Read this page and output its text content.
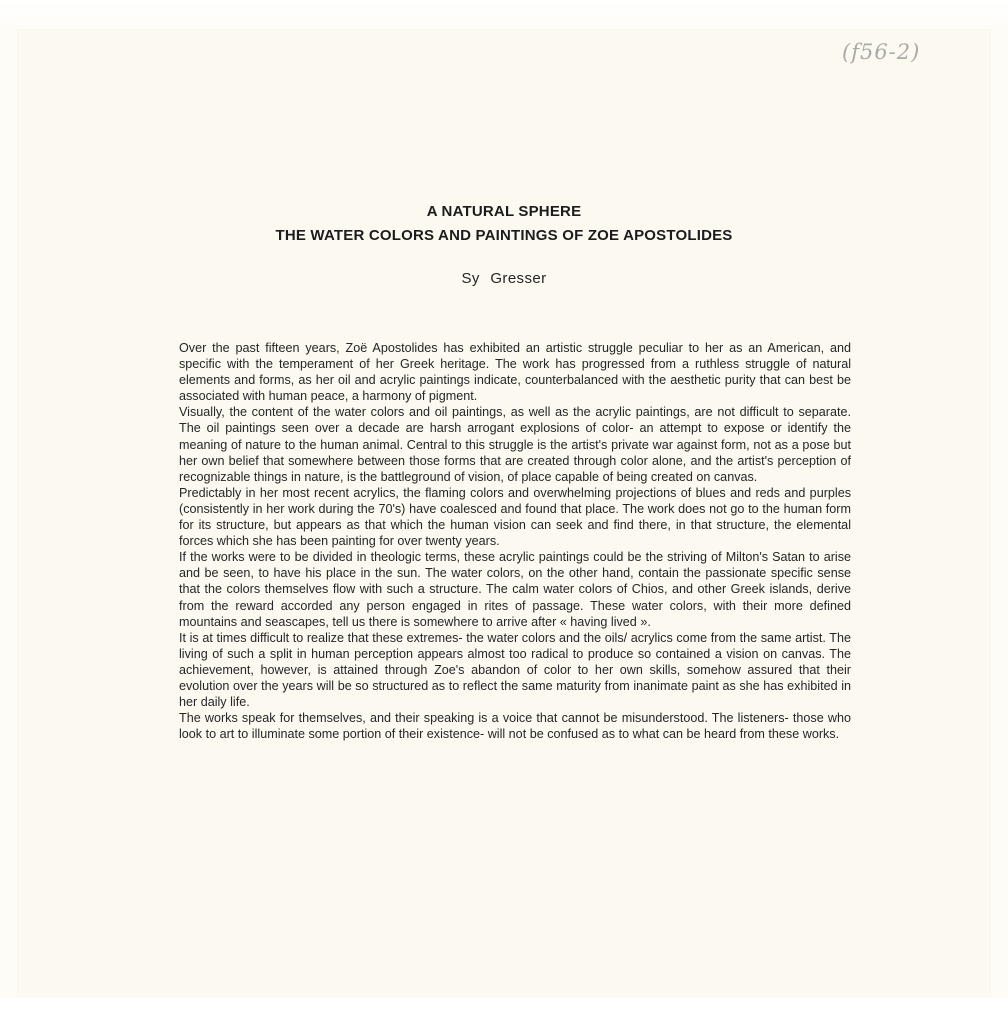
(f56-2)
A NATURAL SPHERE
THE WATER COLORS AND PAINTINGS OF ZOE APOSTOLIDES
Sy Gresser

Over the past fifteen years, Zoë Apostolides has exhibited an artistic struggle peculiar to her as an American, and specific with the temperament of her Greek heritage. The work has progressed from a ruthless struggle of natural elements and forms, as her oil and acrylic paintings indicate, counterbalanced with the aesthetic purity that can best be associated with human peace, a harmony of pigment.

Visually, the content of the water colors and oil paintings, as well as the acrylic paintings, are not difficult to separate. The oil paintings seen over a decade are harsh arrogant explosions of color- an attempt to expose or identify the meaning of nature to the human animal. Central to this struggle is the artist's private war against form, not as a pose but her own belief that somewhere between those forms that are created through color alone, and the artist's perception of recognizable things in nature, is the battleground of vision, of place capable of being created on canvas.

Predictably in her most recent acrylics, the flaming colors and overwhelming projections of blues and reds and purples (consistently in her work during the 70's) have coalesced and found that place. The work does not go to the human form for its structure, but appears as that which the human vision can seek and find there, in that structure, the elemental forces which she has been painting for over twenty years.

If the works were to be divided in theologic terms, these acrylic paintings could be the striving of Milton's Satan to arise and be seen, to have his place in the sun. The water colors, on the other hand, contain the passionate specific sense that the colors themselves flow with such a structure. The calm water colors of Chios, and other Greek islands, derive from the reward accorded any person engaged in rites of passage. These water colors, with their more defined mountains and seascapes, tell us there is somewhere to arrive after « having lived ».

It is at times difficult to realize that these extremes- the water colors and the oils/ acrylics come from the same artist. The living of such a split in human perception appears almost too radical to produce so contained a vision on canvas. The achievement, however, is attained through Zoe's abandon of color to her own skills, somehow assured that their evolution over the years will be so structured as to reflect the same maturity from inanimate paint as she has exhibited in her daily life.

The works speak for themselves, and their speaking is a voice that cannot be misunderstood. The listeners- those who look to art to illuminate some portion of their existence- will not be confused as to what can be heard from these works.
